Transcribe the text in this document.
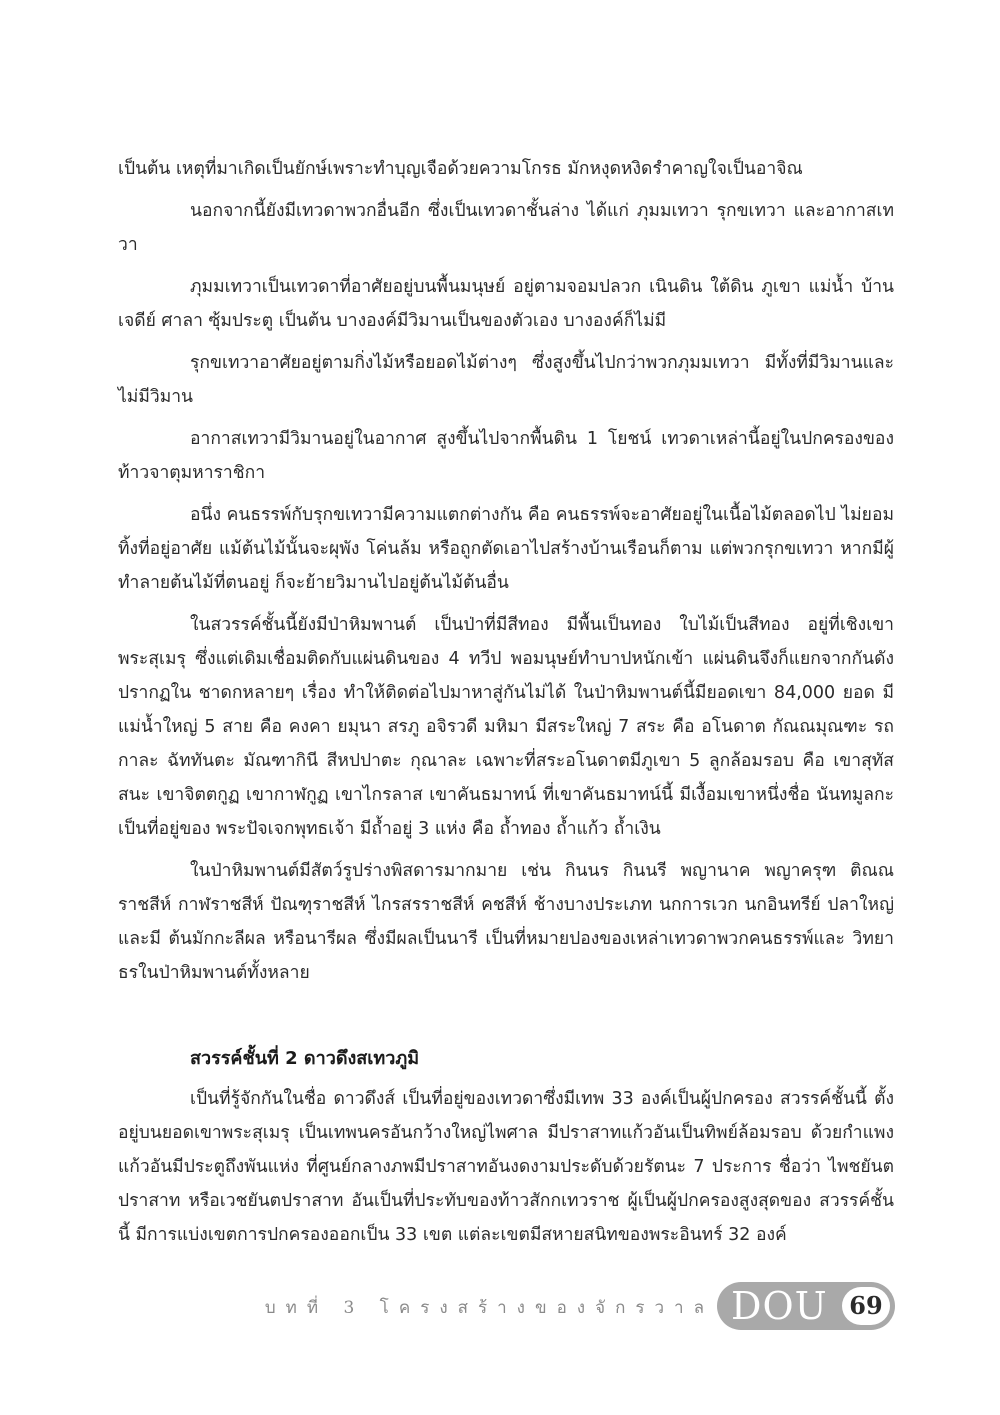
เป็นต้น เหตุที่มาเกิดเป็นยักษ์เพราะทำบุญเจือด้วยความโกรธ มักหงุดหงิดรำคาญใจเป็นอาจิณ

นอกจากนี้ยังมีเทวดาพวกอื่นอีก ซึ่งเป็นเทวดาชั้นล่าง ได้แก่ ภุมมเทวา รุกขเทวา และอากาสเทวา

ภุมมเทวาเป็นเทวดาที่อาศัยอยู่บนพื้นมนุษย์ อยู่ตามจอมปลวก เนินดิน ใต้ดิน ภูเขา แม่น้ำ บ้าน เจดีย์ ศาลา ซุ้มประตู เป็นต้น บางองค์มีวิมานเป็นของตัวเอง บางองค์ก็ไม่มี

รุกขเทวาอาศัยอยู่ตามกิ่งไม้หรือยอดไม้ต่างๆ ซึ่งสูงขึ้นไปกว่าพวกภุมมเทวา มีทั้งที่มีวิมานและไม่มีวิมาน

อากาสเทวามีวิมานอยู่ในอากาศ สูงขึ้นไปจากพื้นดิน 1 โยชน์ เทวดาเหล่านี้อยู่ในปกครองของท้าวจาตุมหาราชิกา

อนึ่ง คนธรรพ์กับรุกขเทวามีความแตกต่างกัน คือ คนธรรพ์จะอาศัยอยู่ในเนื้อไม้ตลอดไป ไม่ยอมทิ้งที่อยู่อาศัย แม้ต้นไม้นั้นจะผุพัง โค่นล้ม หรือถูกตัดเอาไปสร้างบ้านเรือนก็ตาม แต่พวกรุกขเทวา หากมีผู้ทำลายต้นไม้ที่ตนอยู่ ก็จะย้ายวิมานไปอยู่ต้นไม้ต้นอื่น

ในสวรรค์ชั้นนี้ยังมีป่าหิมพานต์ เป็นป่าที่มีสีทอง มีพื้นเป็นทอง ใบไม้เป็นสีทอง อยู่ที่เชิงเขาพระสุเมรุ ซึ่งแต่เดิมเชื่อมติดกับแผ่นดินของ 4 ทวีป พอมนุษย์ทำบาปหนักเข้า แผ่นดินจึงก็แยกจากกันดังปรากฏใน ชาดกหลายๆ เรื่อง ทำให้ติดต่อไปมาหาสู่กันไม่ได้ ในป่าหิมพานต์นี้มียอดเขา 84,000 ยอด มีแม่น้ำใหญ่ 5 สาย คือ คงคา ยมุนา สรภู อจิรวดี มหิมา มีสระใหญ่ 7 สระ คือ อโนดาต กัณณมุณฑะ รถกาละ ฉัททันตะ มัณฑากินี สีหปปาตะ กุณาละ เฉพาะที่สระอโนดาตมีภูเขา 5 ลูกล้อมรอบ คือ เขาสุทัสสนะ เขาจิตตกูฏ เขากาฬกูฏ เขาไกรลาส เขาคันธมาทน์ ที่เขาคันธมาทน์นี้ มีเงื้อมเขาหนึ่งชื่อ นันทมูลกะ เป็นที่อยู่ของ พระปัจเจกพุทธเจ้า มีถ้ำอยู่ 3 แห่ง คือ ถ้ำทอง ถ้ำแก้ว ถ้ำเงิน

ในป่าหิมพานต์มีสัตว์รูปร่างพิสดารมากมาย เช่น กินนร กินนรี พญานาค พญาครุฑ ติณณราชสีห์ กาฬราชสีห์ ปัณฑุราชสีห์ ไกรสรราชสีห์ คชสีห์ ช้างบางประเภท นกการเวก นกอินทรีย์ ปลาใหญ่ และมี ต้นมักกะลีผล หรือนารีผล ซึ่งมีผลเป็นนารี เป็นที่หมายปองของเหล่าเทวดาพวกคนธรรพ์และ วิทยาธรในป่าหิมพานต์ทั้งหลาย

สวรรค์ชั้นที่ 2 ดาวดึงสเทวภูมิ

เป็นที่รู้จักกันในชื่อ ดาวดึงส์ เป็นที่อยู่ของเทวดาซึ่งมีเทพ 33 องค์เป็นผู้ปกครอง สวรรค์ชั้นนี้ ตั้งอยู่บนยอดเขาพระสุเมรุ เป็นเทพนครอันกว้างใหญ่ไพศาล มีปราสาทแก้วอันเป็นทิพย์ล้อมรอบ ด้วยกำแพงแก้วอันมีประตูถึงพันแห่ง ที่ศูนย์กลางภพมีปราสาทอันงดงามประดับด้วยรัตนะ 7 ประการ ชื่อว่า ไพชยันตปราสาท หรือเวชยันตปราสาท อันเป็นที่ประทับของท้าวสักกเทวราช ผู้เป็นผู้ปกครองสูงสุดของ สวรรค์ชั้นนี้ มีการแบ่งเขตการปกครองออกเป็น 33 เขต แต่ละเขตมีสหายสนิทของพระอินทร์ 32 องค์

บทที่ 3 โครงสร้างของจักรวาล DOU 69
